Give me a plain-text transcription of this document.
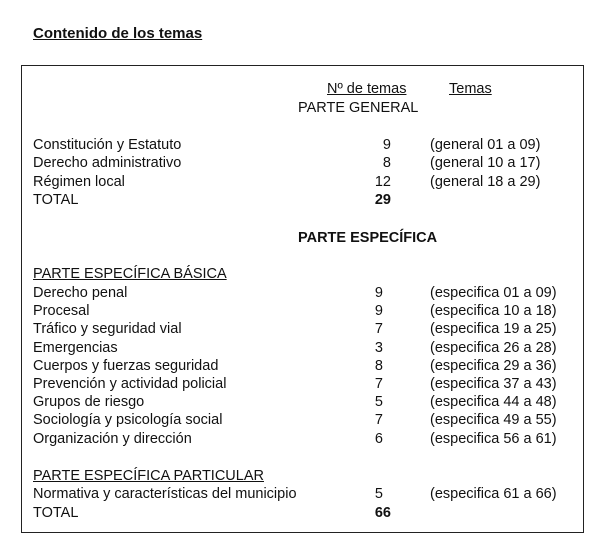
Contenido de los temas
Nº de temas	Temas
PARTE GENERAL
Constitución y Estatuto	9	(general 01 a 09)
Derecho administrativo	8	(general 10 a 17)
Régimen local	12	(general 18 a 29)
TOTAL	29
PARTE ESPECÍFICA
PARTE ESPECÍFICA BÁSICA
Derecho penal	9	(especifica 01 a 09)
Procesal	9	(especifica 10 a 18)
Tráfico y seguridad vial	7	(especifica 19 a 25)
Emergencias	3	(especifica 26 a 28)
Cuerpos y fuerzas seguridad	8	(especifica 29 a 36)
Prevención y actividad policial	7	(especifica 37 a 43)
Grupos de riesgo	5	(especifica 44 a 48)
Sociología y psicología social	7	(especifica 49 a 55)
Organización y dirección	6	(especifica 56 a 61)
PARTE ESPECÍFICA PARTICULAR
Normativa y características del municipio	5	(especifica 61 a 66)
TOTAL	66
